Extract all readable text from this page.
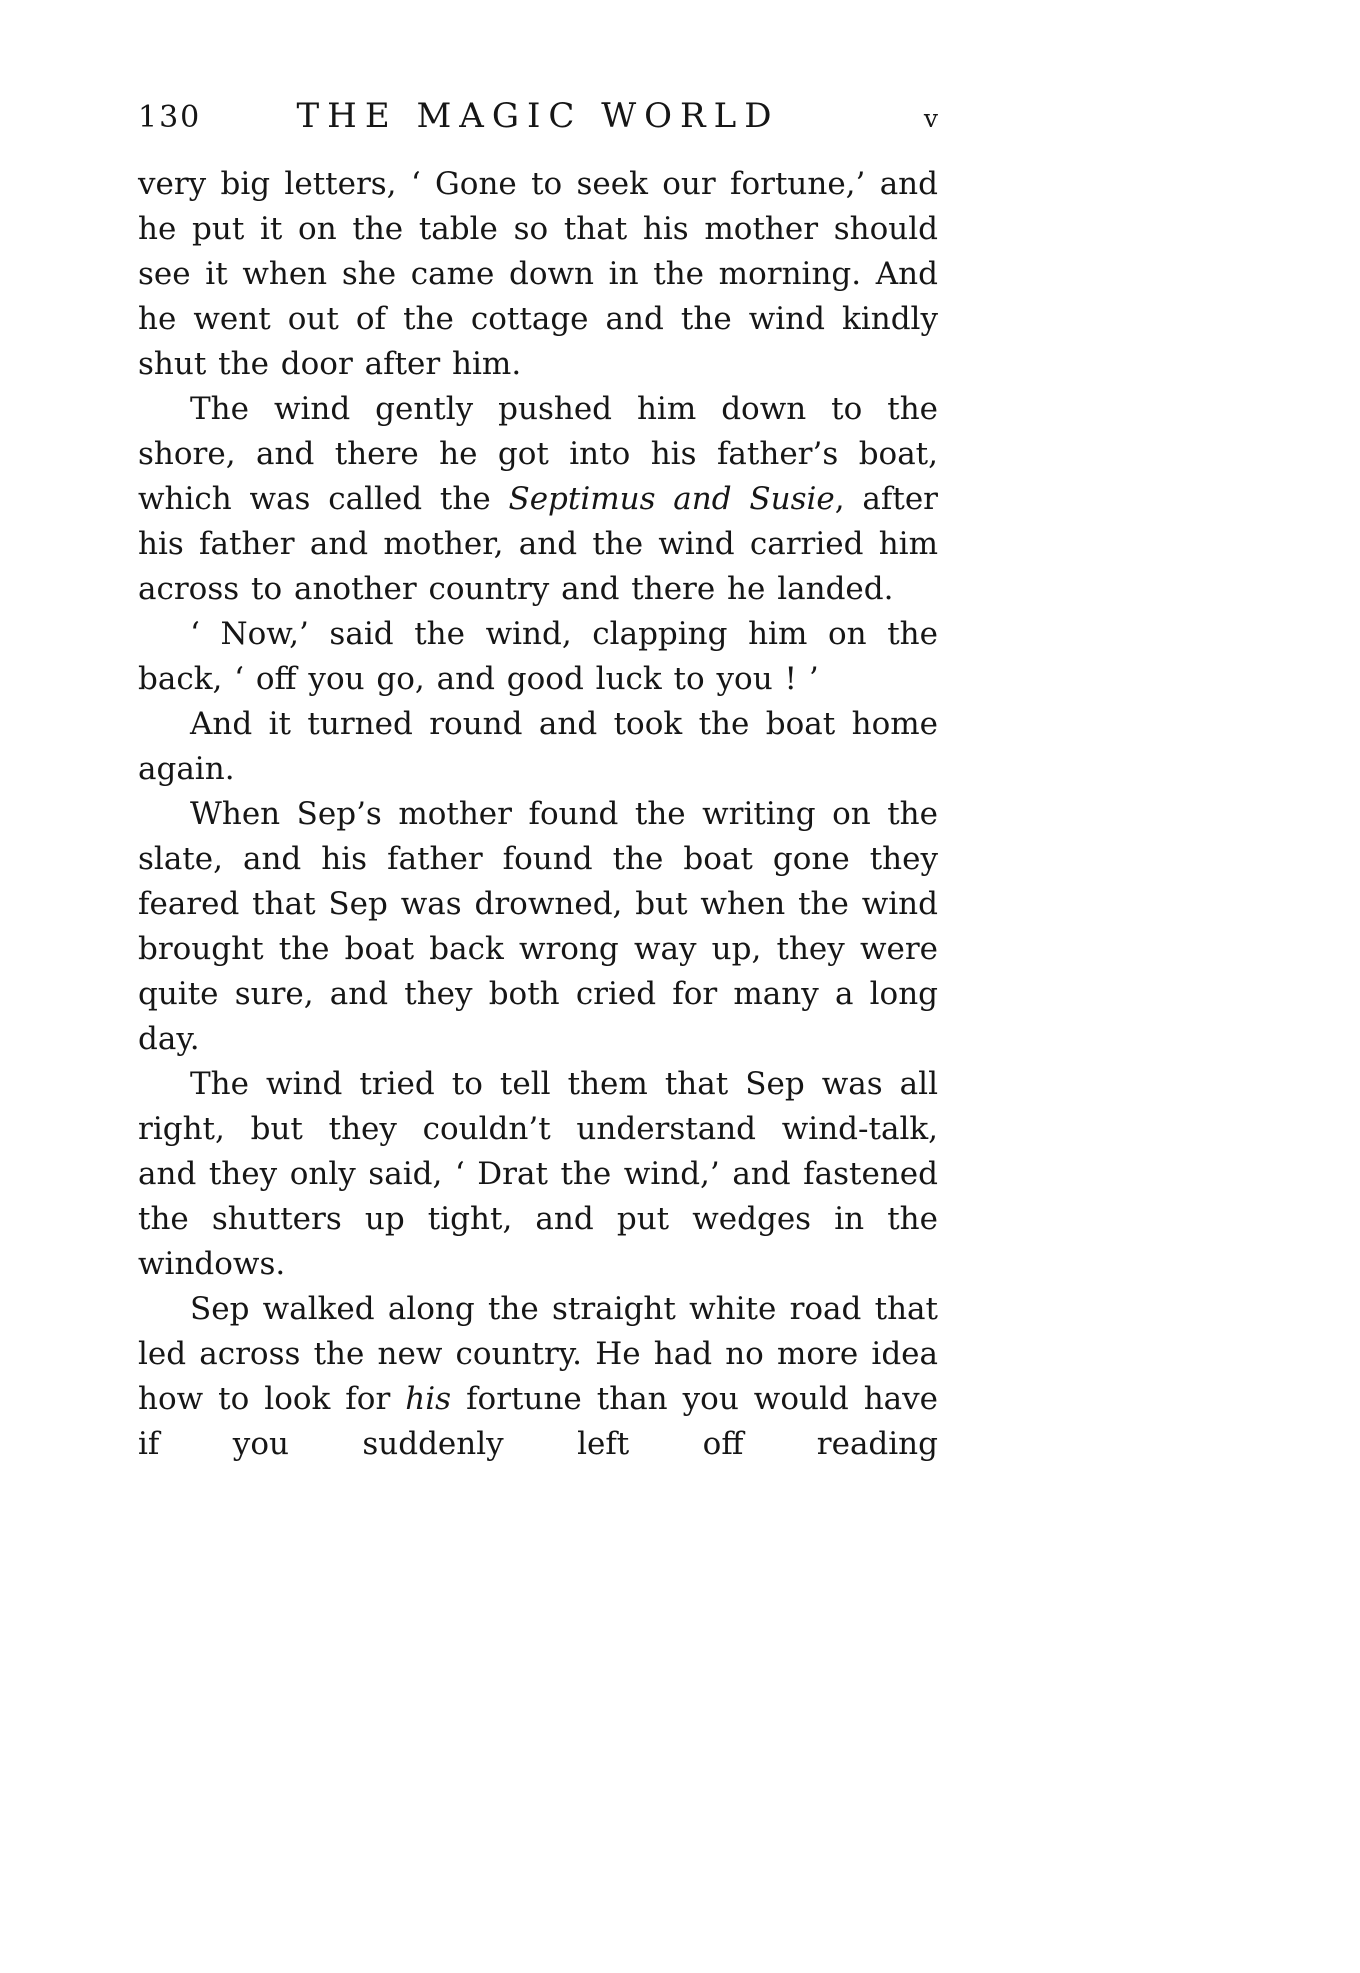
130	THE MAGIC WORLD	v

very big letters, ‘ Gone to seek our fortune,’ and he put it on the table so that his mother should see it when she came down in the morning. And he went out of the cottage and the wind kindly shut the door after him.

The wind gently pushed him down to the shore, and there he got into his father’s boat, which was called the Septimus and Susie, after his father and mother, and the wind carried him across to another country and there he landed.

‘ Now,’ said the wind, clapping him on the back, ‘ off you go, and good luck to you ! ’

And it turned round and took the boat home again.

When Sep’s mother found the writing on the slate, and his father found the boat gone they feared that Sep was drowned, but when the wind brought the boat back wrong way up, they were quite sure, and they both cried for many a long day.

The wind tried to tell them that Sep was all right, but they couldn’t understand wind-talk, and they only said, ‘ Drat the wind,’ and fastened the shutters up tight, and put wedges in the windows.

Sep walked along the straight white road that led across the new country. He had no more idea how to look for his fortune than you would have if you suddenly left off reading
